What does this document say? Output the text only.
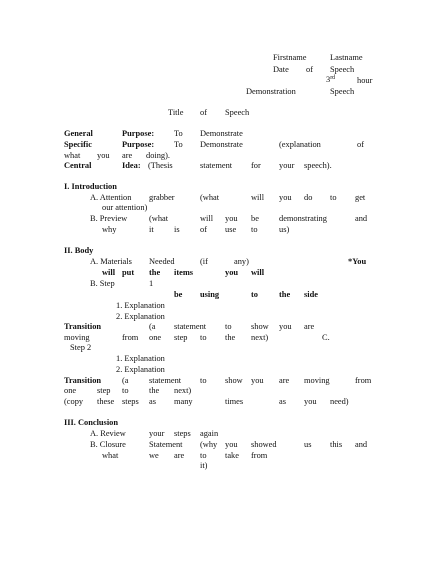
Firstname	Lastname
Date of Speech
3rd	hour
Demonstration	Speech
Title of Speech
General	Purpose: To Demonstrate
Specific	Purpose: To Demonstrate	(explanation	of
what you are doing).
Central	Idea: (Thesis	statement for your speech).
I. Introduction
A. Attention grabber	(what	will you do to get
our attention)
B. Preview	(what	will you be demonstrating	and
why	it is of use to	us)
II. Body
A. Materials Needed	(if	any)	*You
will put the items	you will
B. Step	1
be using	to	the side
1. Explanation
2. Explanation
Transition	(a statement to show you are
moving	from one step to the next)	C.
Step 2
1. Explanation
2. Explanation
Transition (a statement to show you are moving	from
one step to the next)
(copy these steps as many	times	as you need)
III. Conclusion
A. Review	your steps again
B. Closure	Statement (why you showed	us this and
what	we are to take from
it)
